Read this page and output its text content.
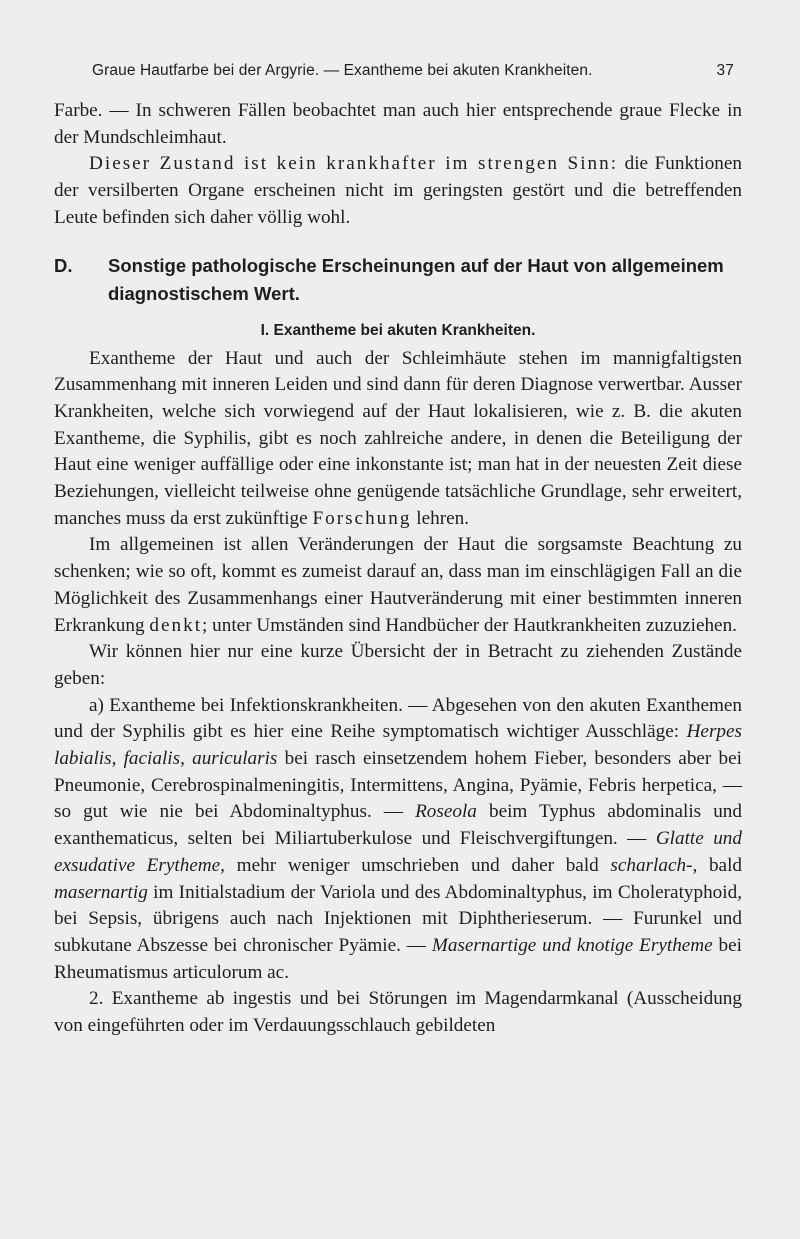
Graue Hautfarbe bei der Argyrie. — Exantheme bei akuten Krankheiten.	37

Farbe. — In schweren Fällen beobachtet man auch hier entsprechende graue Flecke in der Mundschleimhaut.

Dieser Zustand ist kein krankhafter im strengen Sinn: die Funktionen der versilberten Organe erscheinen nicht im geringsten gestört und die betreffenden Leute befinden sich daher völlig wohl.

D. Sonstige pathologische Erscheinungen auf der Haut von allgemeinem diagnostischem Wert.

I. Exantheme bei akuten Krankheiten.

Exantheme der Haut und auch der Schleimhäute stehen im mannigfaltigsten Zusammenhang mit inneren Leiden und sind dann für deren Diagnose verwertbar. Ausser Krankheiten, welche sich vorwiegend auf der Haut lokalisieren, wie z. B. die akuten Exantheme, die Syphilis, gibt es noch zahlreiche andere, in denen die Beteiligung der Haut eine weniger auffällige oder eine inkonstante ist; man hat in der neuesten Zeit diese Beziehungen, vielleicht teilweise ohne genügende tatsächliche Grundlage, sehr erweitert, manches muss da erst zukünftige Forschung lehren.

Im allgemeinen ist allen Veränderungen der Haut die sorgsamste Beachtung zu schenken; wie so oft, kommt es zumeist darauf an, dass man im einschlägigen Fall an die Möglichkeit des Zusammenhangs einer Hautveränderung mit einer bestimmten inneren Erkrankung denkt; unter Umständen sind Handbücher der Hautkrankheiten zuzuziehen.

Wir können hier nur eine kurze Übersicht der in Betracht zu ziehenden Zustände geben:

a) Exantheme bei Infektionskrankheiten. — Abgesehen von den akuten Exanthemen und der Syphilis gibt es hier eine Reihe symptomatisch wichtiger Ausschläge: Herpes labialis, facialis, auricularis bei rasch einsetzendem hohem Fieber, besonders aber bei Pneumonie, Cerebrospinalmeningitis, Intermittens, Angina, Pyämie, Febris herpetica, — so gut wie nie bei Abdominaltyphus. — Roseola beim Typhus abdominalis und exanthematicus, selten bei Miliartuberkulose und Fleischvergiftungen. — Glatte und exsudative Erytheme, mehr weniger umschrieben und daher bald scharlach-, bald masernartig im Initialstadium der Variola und des Abdominaltyphus, im Choleratyphoid, bei Sepsis, übrigens auch nach Injektionen mit Diphtherieserum. — Furunkel und subkutane Abszesse bei chronischer Pyämie. — Masernartige und knotige Erytheme bei Rheumatismus articulorum ac.

2. Exantheme ab ingestis und bei Störungen im Magendarmkanal (Ausscheidung von eingeführten oder im Verdauungsschlauch gebildeten
